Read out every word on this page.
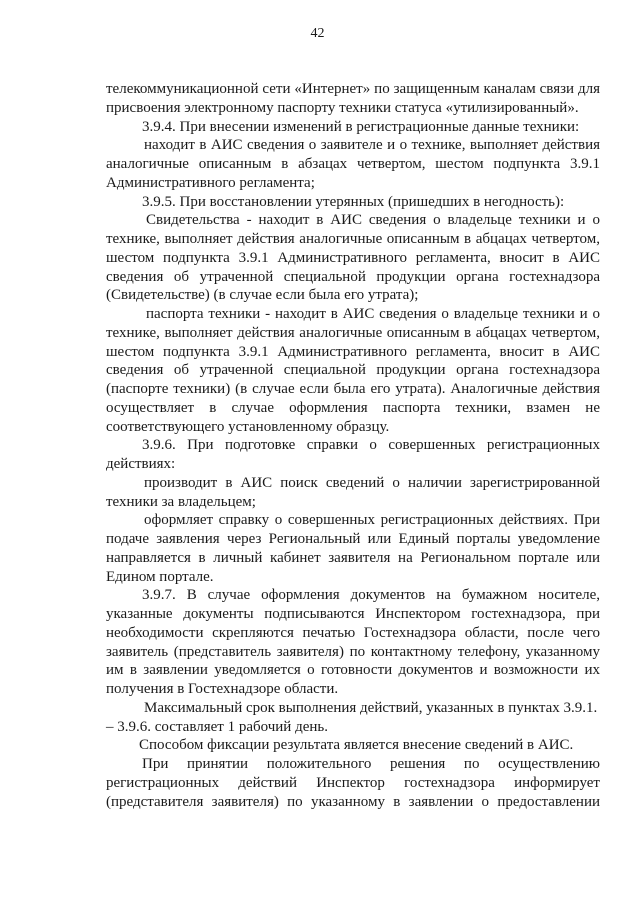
42
телекоммуникационной сети «Интернет» по защищенным каналам связи для
присвоения электронному паспорту техники статуса «утилизированный».
3.9.4. При внесении изменений в регистрационные данные техники:
находит в АИС сведения о заявителе и о технике, выполняет действия
аналогичные описанным в абзацах четвертом, шестом подпункта 3.9.1
Административного регламента;
3.9.5. При восстановлении утерянных (пришедших в негодность):
Свидетельства - находит в АИС сведения о владельце техники и о
технике, выполняет действия аналогичные описанным в абцацах четвертом,
шестом подпункта 3.9.1 Административного регламента, вносит в АИС
сведения об утраченной специальной продукции органа гостехнадзора
(Свидетельстве) (в случае если была его утрата);
паспорта техники - находит в АИС сведения о владельце техники и о
технике, выполняет действия аналогичные описанным в абцацах четвертом,
шестом подпункта 3.9.1 Административного регламента, вносит в АИС
сведения об утраченной специальной продукции органа гостехнадзора
(паспорте техники) (в случае если была его утрата). Аналогичные действия
осуществляет в случае оформления паспорта техники, взамен не
соответствующего установленному образцу.
3.9.6. При подготовке справки о совершенных регистрационных
действиях:
производит в АИС поиск сведений о наличии зарегистрированной
техники за владельцем;
оформляет справку о совершенных регистрационных действиях. При
подаче заявления через Региональный или Единый порталы уведомление
направляется в личный кабинет заявителя на Региональном портале или
Едином портале.
3.9.7. В случае оформления документов на бумажном носителе,
указанные документы подписываются Инспектором гостехнадзора, при
необходимости скрепляются печатью Гостехнадзора области, после чего
заявитель (представитель заявителя) по контактному телефону, указанному
им в заявлении уведомляется о готовности документов и возможности их
получения в Гостехнадзоре области.
Максимальный срок выполнения действий, указанных в пунктах 3.9.1.
– 3.9.6. составляет 1 рабочий день.
Способом фиксации результата является внесение сведений в АИС.
При принятии положительного решения по осуществлению
регистрационных действий Инспектор гостехнадзора информирует
(представителя заявителя) по указанному в заявлении о предоставлении
